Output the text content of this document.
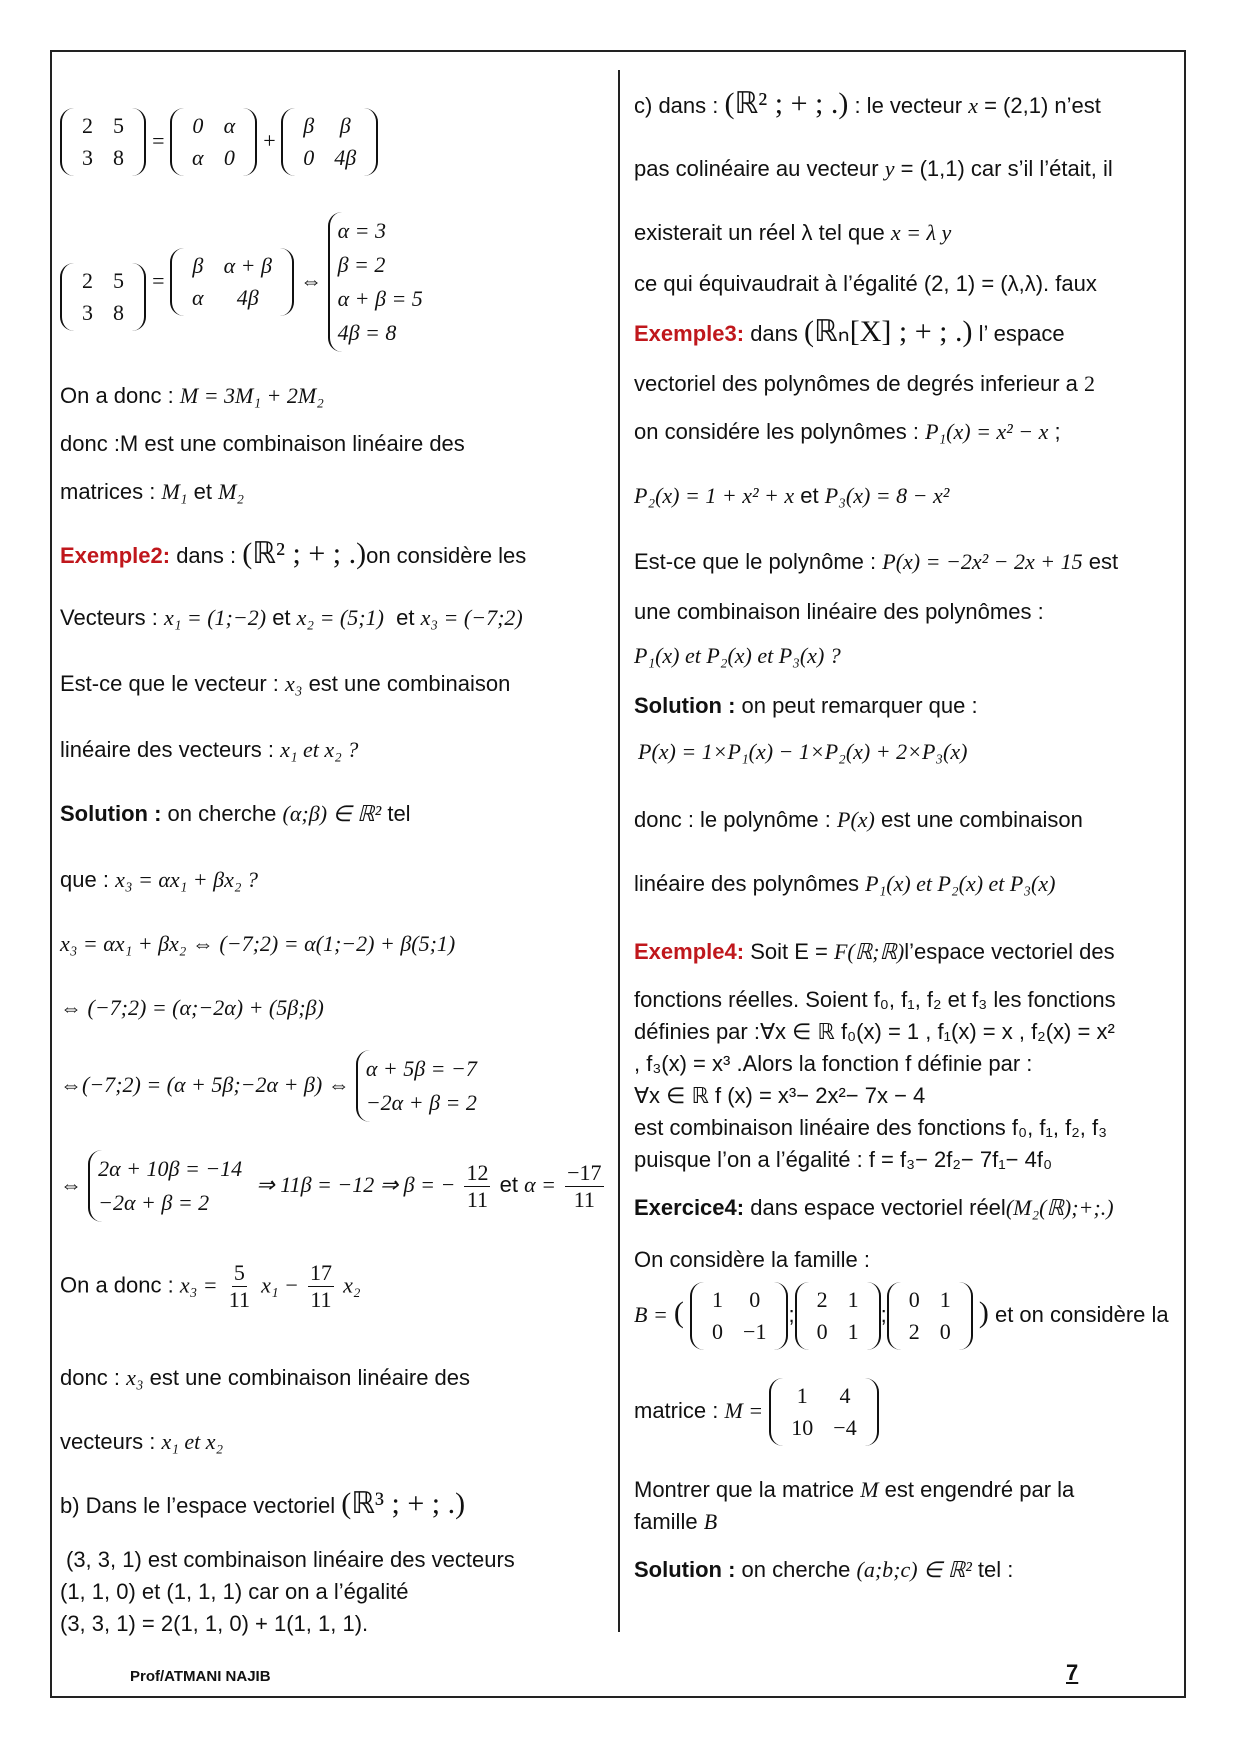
2	5
3	8
=
0	α
α	0
+
β	β
0	4β
2	5
3	8
=
β	α + β
α	4β
⇔
α = 3
β = 2
α + β = 5
4β = 8
On a donc : M = 3M₁ + 2M₂
donc :M est une combinaison linéaire des
matrices : M₁ et M₂
Exemple2: dans : (ℝ² ; + ; .)on considère les
Vecteurs : x₁ = (1;−2) et x₂ = (5;1) et x₃ = (−7;2)
Est-ce que le vecteur : x₃ est une combinaison
linéaire des vecteurs : x₁ et x₂ ?
Solution : on cherche (α;β) ∈ ℝ² tel
que : x₃ = αx₁ + βx₂ ?
x₃ = αx₁ + βx₂ ⇔ (−7;2) = α(1;−2) + β(5;1)
⇔ (−7;2) = (α;−2α) + (5β;β)
⇔(−7;2) = (α + 5β;−2α + β) ⇔
α + 5β = −7
−2α + β = 2
⇔
2α + 10β = −14
−2α + β = 2
⇒ 11β = −12 ⇒ β = − $\frac{12}{11}$ et $\alpha = \frac{-17}{11}$
On a donc : $x_3 = \frac{5}{11} x_1 - \frac{17}{11} x_2$
donc : x₃ est une combinaison linéaire des
vecteurs : x₁ et x₂
b) Dans le l’espace vectoriel (ℝ³ ; + ; .)
(3, 3, 1) est combinaison linéaire des vecteurs
(1, 1, 0) et (1, 1, 1) car on a l’égalité
(3, 3, 1) = 2(1, 1, 0) + 1(1, 1, 1).
c) dans : (ℝ² ; + ; .) : le vecteur x = (2,1) n’est
pas colinéaire au vecteur y = (1,1) car s’il l’était, il
existerait un réel λ tel que x = λ y
ce qui équivaudrait à l’égalité (2, 1) = (λ,λ). faux
Exemple3: dans (ℝₙ[X] ; + ; .) l’ espace
vectoriel des polynômes de degrés inferieur a 2
on considére les polynômes : P₁(x) = x² − x ;
P₂(x) = 1 + x² + x et P₃(x) = 8 − x²
Est-ce que le polynôme : P(x) = −2x² − 2x + 15 est
une combinaison linéaire des polynômes :
P₁(x) et P₂(x) et P₃(x) ?
Solution : on peut remarquer que :
P(x) = 1×P₁(x) − 1×P₂(x) + 2×P₃(x)
donc : le polynôme : P(x) est une combinaison
linéaire des polynômes P₁(x) et P₂(x) et P₃(x)
Exemple4: Soit E = F(ℝ;ℝ)l’espace vectoriel des
fonctions réelles. Soient f₀, f₁, f₂ et f₃ les fonctions
définies par :∀x ∈ ℝ f₀(x) = 1 , f₁(x) = x , f₂(x) = x²
, f₃(x) = x³ .Alors la fonction f définie par :
∀x ∈ ℝ f (x) = x³− 2x²− 7x − 4
est combinaison linéaire des fonctions f₀, f₁, f₂, f₃
puisque l’on a l’égalité : f = f₃− 2f₂− 7f₁− 4f₀
Exercice4: dans espace vectoriel réel(M₂(ℝ);+;.)
On considère la famille :
B = ( 1	0
0	−1
;
2	1
0	1
;
0	1
2	0
) et on considère la
matrice : M =
1	4
10	−4
Montrer que la matrice M est engendré par la
famille B
Solution : on cherche (a;b;c) ∈ ℝ² tel :
Prof/ATMANI NAJIB	7
